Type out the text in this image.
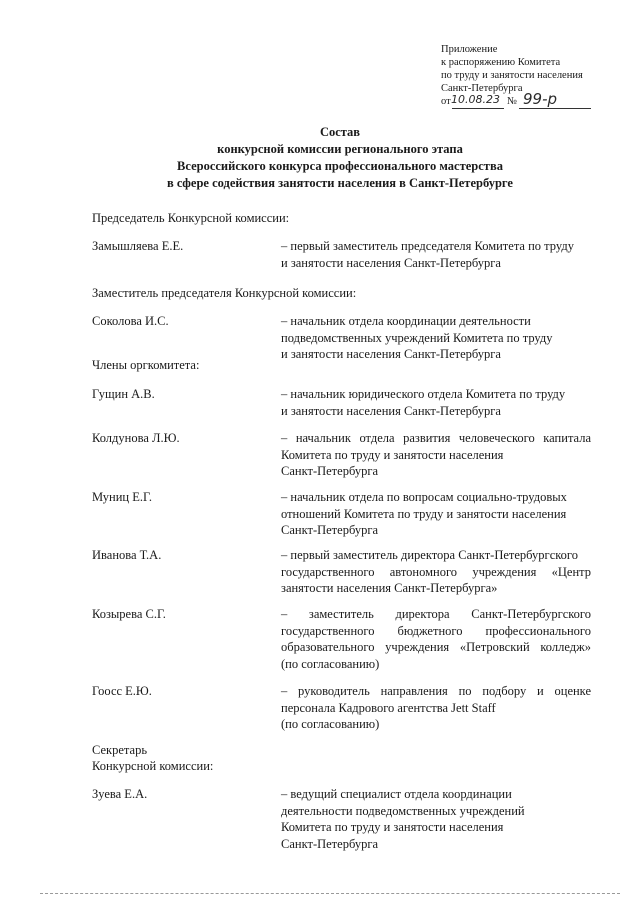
Приложение
к распоряжению Комитета
по труду и занятости населения
Санкт-Петербурга
от 10.08.23 № 99-р
Состав
конкурсной комиссии регионального этапа
Всероссийского конкурса профессионального мастерства
в сфере содействия занятости населения в Санкт-Петербурге
Председатель Конкурсной комиссии:
Замышляева Е.Е.	– первый заместитель председателя Комитета по труду
и занятости населения Санкт-Петербурга
Заместитель председателя Конкурсной комиссии:
Соколова И.С.	– начальник отдела координации деятельности
подведомственных учреждений Комитета по труду
и занятости населения Санкт-Петербурга
Члены оргкомитета:
Гущин А.В.	– начальник юридического отдела Комитета по труду
и занятости населения Санкт-Петербурга
Колдунова Л.Ю.	– начальник отдела развития человеческого капитала
Комитета по труду и занятости населения
Санкт-Петербурга
Муниц Е.Г.	– начальник отдела по вопросам социально-трудовых
отношений Комитета по труду и занятости населения
Санкт-Петербурга
Иванова Т.А.	– первый заместитель директора Санкт-Петербургского
государственного автономного учреждения «Центр
занятости населения Санкт-Петербурга»
Козырева С.Г.	– заместитель директора Санкт-Петербургского
государственного бюджетного профессионального
образовательного учреждения «Петровский колледж»
(по согласованию)
Гоосс Е.Ю.	– руководитель направления по подбору и оценке
персонала Кадрового агентства Jett Staff
(по согласованию)
Секретарь
Конкурсной комиссии:
Зуева Е.А.	– ведущий специалист отдела координации
деятельности подведомственных учреждений
Комитета по труду и занятости населения
Санкт-Петербурга
